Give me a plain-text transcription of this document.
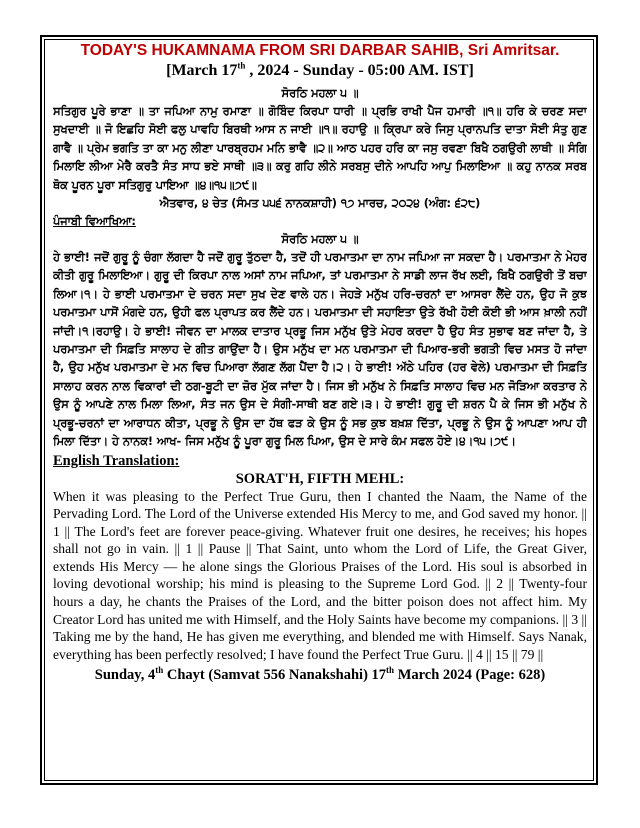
TODAY'S HUKAMNAMA FROM SRI DARBAR SAHIB, Sri Amritsar.
[March 17th , 2024 - Sunday - 05:00 AM. IST]
ਸੋਰਠਿ ਮਹਲਾ ੫ ॥

ਸਤਿਗੁਰ ਪੂਰੇ ਭਾਣਾ ॥ ਤਾ ਜਪਿਆ ਨਾਮੁ ਰਮਾਣਾ ॥ ਗੋਬਿੰਦ ਕਿਰਪਾ ਧਾਰੀ ॥ ਪ੍ਰਭਿ ਰਾਖੀ ਪੈਜ ਹਮਾਰੀ ॥੧॥ ਹਰਿ ਕੇ ਚਰਣ ਸਦਾ ਸੁਖਦਾਈ ॥ ਜੋ ਇਛਹਿ ਸੋਈ ਫਲੁ ਪਾਵਹਿ ਬਿਰਥੀ ਆਸ ਨ ਜਾਈ ॥੧॥ ਰਹਾਉ ॥ ਕ੍ਰਿਪਾ ਕਰੇ ਜਿਸੁ ਪ੍ਰਾਨਪਤਿ ਦਾਤਾ ਸੋਈ ਸੰਤੁ ਗੁਣ ਗਾਵੈ ॥ ਪ੍ਰੇਮ ਭਗਤਿ ਤਾ ਕਾ ਮਨੁ ਲੀਣਾ ਪਾਰਬ੍ਰਹਮ ਮਨਿ ਭਾਵੈ ॥੨॥ ਆਠ ਪਹਰ ਹਰਿ ਕਾ ਜਸੁ ਰਵਣਾ ਬਿਖੈ ਠਗਉਰੀ ਲਾਥੀ ॥ ਸੰਗਿ ਮਿਲਾਇ ਲੀਆ ਮੇਰੈ ਕਰਤੈ ਸੰਤ ਸਾਧ ਭਏ ਸਾਥੀ ॥੩॥ ਕਰੁ ਗਹਿ ਲੀਨੇ ਸਰਬਸੁ ਦੀਨੇ ਆਪਹਿ ਆਪੁ ਮਿਲਾਇਆ ॥ ਕਹੁ ਨਾਨਕ ਸਰਬ ਥੋਕ ਪੂਰਨ ਪੂਰਾ ਸਤਿਗੁਰੁ ਪਾਇਆ ॥੪॥੧੫॥੭੯॥

ਐਤਵਾਰ, ੪ ਚੇਤ (ਸੰਮਤ ੫੫੬ ਨਾਨਕਸ਼ਾਹੀ) ੧੭ ਮਾਰਚ, ੨੦੨੪ (ਅੰਗ: ੬੨੮)
ਪੰਜਾਬੀ ਵਿਆਖਿਆ:
ਸੋਰਠਿ ਮਹਲਾ ੫ ॥

ਹੇ ਭਾਈ! ਜਦੋਂ ਗੁਰੂ ਨੂੰ ਚੰਗਾ ਲੱਗਦਾ ਹੈ ਜਦੋਂ ਗੁਰੂ ਤੁੱਠਦਾ ਹੈ, ਤਦੋਂ ਹੀ ਪਰਮਾਤਮਾ ਦਾ ਨਾਮ ਜਪਿਆ ਜਾ ਸਕਦਾ ਹੈ। ਪਰਮਾਤਮਾ ਨੇ ਮੇਹਰ ਕੀਤੀ ਗੁਰੂ ਮਿਲਾਇਆ। ਗੁਰੂ ਦੀ ਕਿਰਪਾ ਨਾਲ ਅਸਾਂ ਨਾਮ ਜਪਿਆ, ਤਾਂ ਪਰਮਾਤਮਾ ਨੇ ਸਾਡੀ ਲਾਜ ਰੱਖ ਲਈ, ਬਿਖੈ ਠਗਉਰੀ ਤੋਂ ਬਚਾ ਲਿਆ।੧। ਹੇ ਭਾਈ ਪਰਮਾਤਮਾ ਦੇ ਚਰਨ ਸਦਾ ਸੁਖ ਦੇਣ ਵਾਲੇ ਹਨ। ਜੇਹੜੇ ਮਨੁੱਖ ਹਰਿ-ਚਰਨਾਂ ਦਾ ਆਸਰਾ ਲੈਂਦੇ ਹਨ, ਉਹ ਜੋ ਕੁਝ ਪਰਮਾਤਮਾ ਪਾਸੋਂ ਮੰਗਦੇ ਹਨ, ਉਹੀ ਫਲ ਪ੍ਰਾਪਤ ਕਰ ਲੈਂਦੇ ਹਨ। ਪਰਮਾਤਮਾ ਦੀ ਸਹਾਇਤਾ ਉਤੇ ਰੱਖੀ ਹੋਈ ਕੋਈ ਭੀ ਆਸ ਖ਼ਾਲੀ ਨਹੀਂ ਜਾਂਦੀ।੧।ਰਹਾਉ। ਹੇ ਭਾਈ! ਜੀਵਨ ਦਾ ਮਾਲਕ ਦਾਤਾਰ ਪ੍ਰਭੂ ਜਿਸ ਮਨੁੱਖ ਉਤੇ ਮੇਹਰ ਕਰਦਾ ਹੈ ਉਹ ਸੰਤ ਸੁਭਾਵ ਬਣ ਜਾਂਦਾ ਹੈ, ਤੇ ਪਰਮਾਤਮਾ ਦੀ ਸਿਫ਼ਤਿ ਸਾਲਾਹ ਦੇ ਗੀਤ ਗਾਉਂਦਾ ਹੈ। ਉਸ ਮਨੁੱਖ ਦਾ ਮਨ ਪਰਮਾਤਮਾ ਦੀ ਪਿਆਰ-ਭਰੀ ਭਗਤੀ ਵਿਚ ਮਸਤ ਹੋ ਜਾਂਦਾ ਹੈ, ਉਹ ਮਨੁੱਖ ਪਰਮਾਤਮਾ ਦੇ ਮਨ ਵਿਚ ਪਿਆਰਾ ਲੱਗਣ ਲੱਗ ਪੈਂਦਾ ਹੈ।੨। ਹੇ ਭਾਈ! ਅੱਠੇ ਪਹਿਰ (ਹਰ ਵੇਲੇ) ਪਰਮਾਤਮਾ ਦੀ ਸਿਫ਼ਤਿ ਸਾਲਾਹ ਕਰਨ ਨਾਲ ਵਿਕਾਰਾਂ ਦੀ ਠਗ-ਬੂਟੀ ਦਾ ਜ਼ੋਰ ਮੁੱਕ ਜਾਂਦਾ ਹੈ। ਜਿਸ ਭੀ ਮਨੁੱਖ ਨੇ ਸਿਫ਼ਤਿ ਸਾਲਾਹ ਵਿਚ ਮਨ ਜੋੜਿਆ ਕਰਤਾਰ ਨੇ ਉਸ ਨੂੰ ਆਪਣੇ ਨਾਲ ਮਿਲਾ ਲਿਆ, ਸੰਤ ਜਨ ਉਸ ਦੇ ਸੰਗੀ-ਸਾਥੀ ਬਣ ਗਏ।੩। ਹੇ ਭਾਈ! ਗੁਰੂ ਦੀ ਸ਼ਰਨ ਪੈ ਕੇ ਜਿਸ ਭੀ ਮਨੁੱਖ ਨੇ ਪ੍ਰਭੂ-ਚਰਨਾਂ ਦਾ ਆਰਾਧਨ ਕੀਤਾ, ਪ੍ਰਭੂ ਨੇ ਉਸ ਦਾ ਹੱਥ ਫੜ ਕੇ ਉਸ ਨੂੰ ਸਭ ਕੁਝ ਬਖ਼ਸ਼ ਦਿੱਤਾ, ਪ੍ਰਭੂ ਨੇ ਉਸ ਨੂੰ ਆਪਣਾ ਆਪ ਹੀ ਮਿਲਾ ਦਿੱਤਾ। ਹੇ ਨਾਨਕ! ਆਖ- ਜਿਸ ਮਨੁੱਖ ਨੂੰ ਪੂਰਾ ਗੁਰੂ ਮਿਲ ਪਿਆ, ਉਸ ਦੇ ਸਾਰੇ ਕੰਮ ਸਫਲ ਹੋਏ।੪।੧੫।੭੯।

English Translation:
SORAT'H, FIFTH MEHL:

When it was pleasing to the Perfect True Guru, then I chanted the Naam, the Name of the Pervading Lord. The Lord of the Universe extended His Mercy to me, and God saved my honor. || 1 || The Lord's feet are forever peace-giving. Whatever fruit one desires, he receives; his hopes shall not go in vain. || 1 || Pause || That Saint, unto whom the Lord of Life, the Great Giver, extends His Mercy — he alone sings the Glorious Praises of the Lord. His soul is absorbed in loving devotional worship; his mind is pleasing to the Supreme Lord God. || 2 || Twenty-four hours a day, he chants the Praises of the Lord, and the bitter poison does not affect him. My Creator Lord has united me with Himself, and the Holy Saints have become my companions. || 3 || Taking me by the hand, He has given me everything, and blended me with Himself. Says Nanak, everything has been perfectly resolved; I have found the Perfect True Guru. || 4 || 15 || 79 ||

Sunday, 4th Chayt (Samvat 556 Nanakshahi) 17th March 2024 (Page: 628)
